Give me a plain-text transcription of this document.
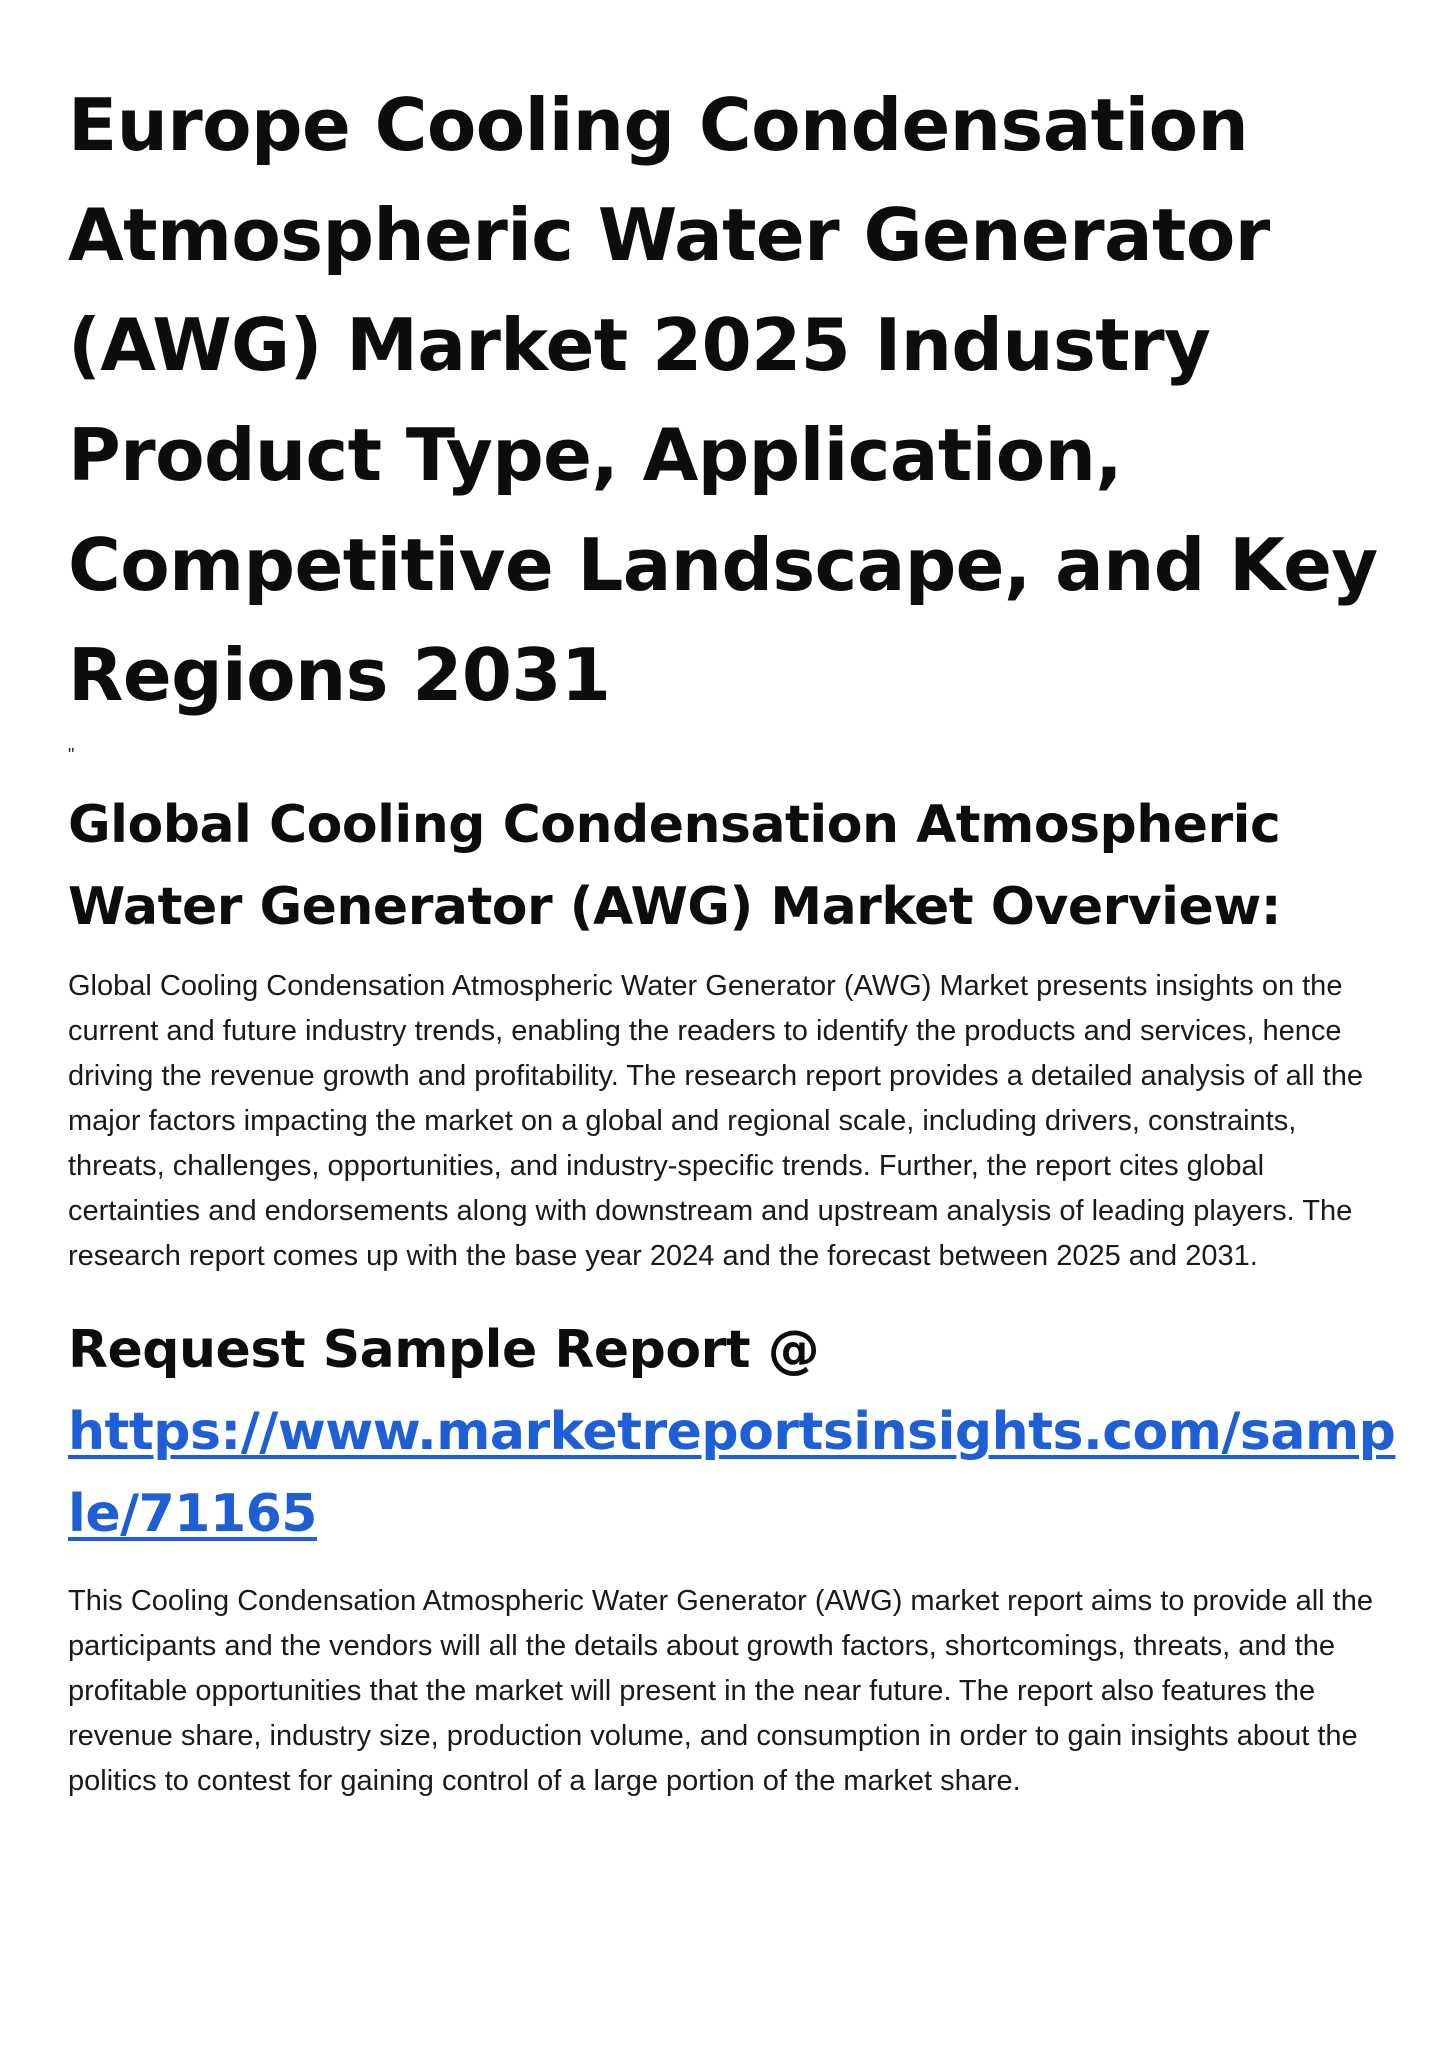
Europe Cooling Condensation Atmospheric Water Generator (AWG) Market 2025 Industry Product Type, Application, Competitive Landscape, and Key Regions 2031
"
Global Cooling Condensation Atmospheric Water Generator (AWG) Market Overview:

Global Cooling Condensation Atmospheric Water Generator (AWG) Market presents insights on the current and future industry trends, enabling the readers to identify the products and services, hence driving the revenue growth and profitability. The research report provides a detailed analysis of all the major factors impacting the market on a global and regional scale, including drivers, constraints, threats, challenges, opportunities, and industry-specific trends. Further, the report cites global certainties and endorsements along with downstream and upstream analysis of leading players. The research report comes up with the base year 2024 and the forecast between 2025 and 2031.

Request Sample Report @
https://www.marketreportsinsights.com/sample/71165

This Cooling Condensation Atmospheric Water Generator (AWG) market report aims to provide all the participants and the vendors will all the details about growth factors, shortcomings, threats, and the profitable opportunities that the market will present in the near future. The report also features the revenue share, industry size, production volume, and consumption in order to gain insights about the politics to contest for gaining control of a large portion of the market share.
